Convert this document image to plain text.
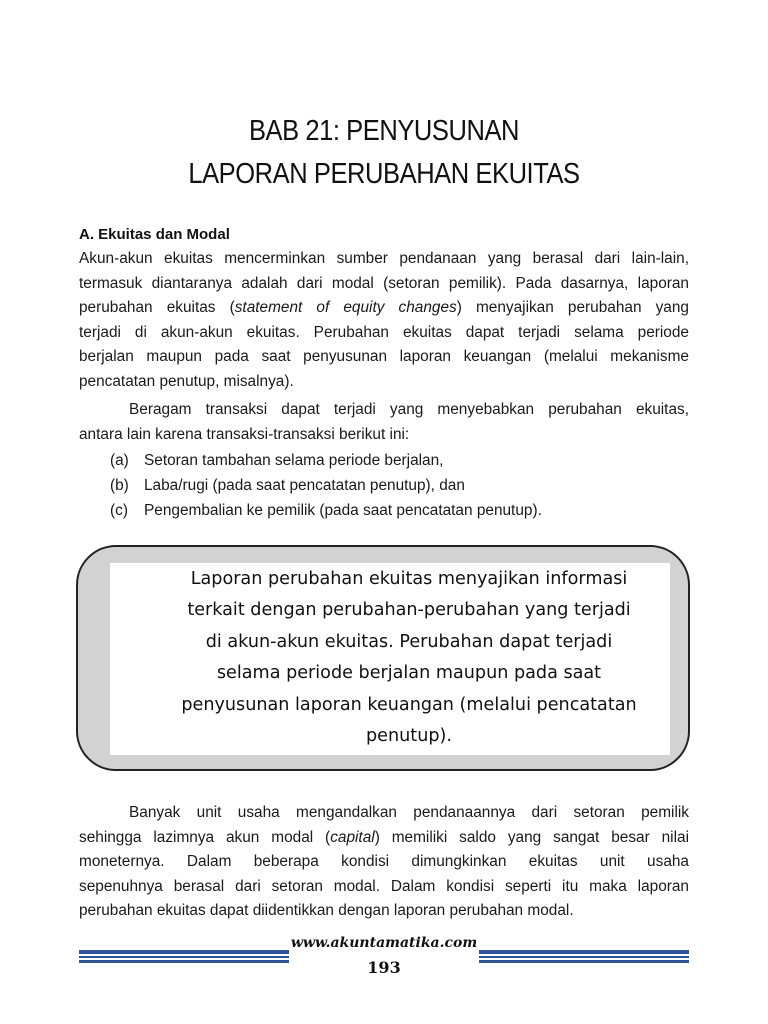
BAB 21: PENYUSUNAN
LAPORAN PERUBAHAN EKUITAS
A. Ekuitas dan Modal
Akun-akun ekuitas mencerminkan sumber pendanaan yang berasal dari lain-lain,
termasuk diantaranya adalah dari modal (setoran pemilik). Pada dasarnya, laporan
perubahan ekuitas (statement of equity changes) menyajikan perubahan yang
terjadi di akun-akun ekuitas. Perubahan ekuitas dapat terjadi selama periode
berjalan maupun pada saat penyusunan laporan keuangan (melalui mekanisme
pencatatan penutup, misalnya).
Beragam transaksi dapat terjadi yang menyebabkan perubahan ekuitas,
antara lain karena transaksi-transaksi berikut ini:
(a) Setoran tambahan selama periode berjalan,
(b) Laba/rugi (pada saat pencatatan penutup), dan
(c)	Pengembalian ke pemilik (pada saat pencatatan penutup).
Laporan perubahan ekuitas menyajikan informasi
terkait dengan perubahan-perubahan yang terjadi
di akun-akun ekuitas. Perubahan dapat terjadi
selama periode berjalan maupun pada saat
penyusunan laporan keuangan (melalui pencatatan
penutup).
Banyak unit usaha mengandalkan pendanaannya dari setoran pemilik
sehingga lazimnya akun modal (capital) memiliki saldo yang sangat besar nilai
moneternya. Dalam beberapa kondisi dimungkinkan ekuitas unit usaha
sepenuhnya berasal dari setoran modal. Dalam kondisi seperti itu maka laporan
perubahan ekuitas dapat diidentikkan dengan laporan perubahan modal.
www.akuntamatika.com
193
